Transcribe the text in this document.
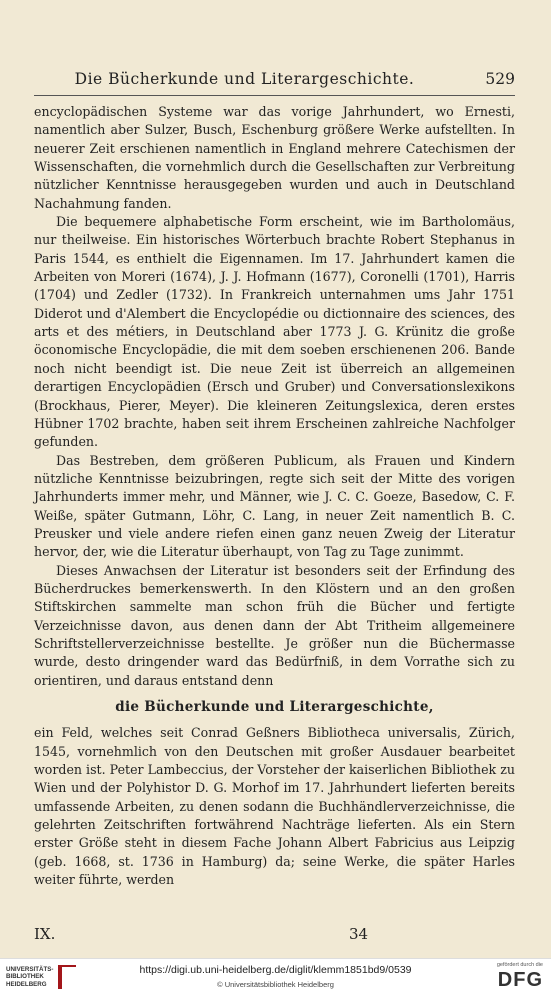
Die Bücherkunde und Literargeschichte.	529

encyclopädischen Systeme war das vorige Jahrhundert, wo Ernesti, namentlich aber Sulzer, Busch, Eschenburg größere Werke aufstellten. In neuerer Zeit erschienen namentlich in England mehrere Catechismen der Wissenschaften, die vornehmlich durch die Gesellschaften zur Verbreitung nützlicher Kenntnisse herausgegeben wurden und auch in Deutschland Nachahmung fanden.

Die bequemere alphabetische Form erscheint, wie im Bartholomäus, nur theilweise. Ein historisches Wörterbuch brachte Robert Stephanus in Paris 1544, es enthielt die Eigennamen. Im 17. Jahrhundert kamen die Arbeiten von Moreri (1674), J. J. Hofmann (1677), Coronelli (1701), Harris (1704) und Zedler (1732). In Frankreich unternahmen ums Jahr 1751 Diderot und d'Alembert die Encyclopédie ou dictionnaire des sciences, des arts et des métiers, in Deutschland aber 1773 J. G. Krünitz die große öconomische Encyclopädie, die mit dem soeben erschienenen 206. Bande noch nicht beendigt ist. Die neue Zeit ist überreich an allgemeinen derartigen Encyclopädien (Ersch und Gruber) und Conversationslexikons (Brockhaus, Pierer, Meyer). Die kleineren Zeitungslexica, deren erstes Hübner 1702 brachte, haben seit ihrem Erscheinen zahlreiche Nachfolger gefunden.

Das Bestreben, dem größeren Publicum, als Frauen und Kindern nützliche Kenntnisse beizubringen, regte sich seit der Mitte des vorigen Jahrhunderts immer mehr, und Männer, wie J. C. C. Goeze, Basedow, C. F. Weiße, später Gutmann, Löhr, C. Lang, in neuer Zeit namentlich B. C. Preusker und viele andere riefen einen ganz neuen Zweig der Literatur hervor, der, wie die Literatur überhaupt, von Tag zu Tage zunimmt.

Dieses Anwachsen der Literatur ist besonders seit der Erfindung des Bücherdruckes bemerkenswerth. In den Klöstern und an den großen Stiftskirchen sammelte man schon früh die Bücher und fertigte Verzeichnisse davon, aus denen dann der Abt Tritheim allgemeinere Schriftstellerverzeichnisse bestellte. Je größer nun die Büchermasse wurde, desto dringender ward das Bedürfniß, in dem Vorrathe sich zu orientiren, und daraus entstand denn

die Bücherkunde und Literargeschichte,

ein Feld, welches seit Conrad Geßners Bibliotheca universalis, Zürich, 1545, vornehmlich von den Deutschen mit großer Ausdauer bearbeitet worden ist. Peter Lambeccius, der Vorsteher der kaiserlichen Bibliothek zu Wien und der Polyhistor D. G. Morhof im 17. Jahrhundert lieferten bereits umfassende Arbeiten, zu denen sodann die Buchhändlerverzeichnisse, die gelehrten Zeitschriften fortwährend Nachträge lieferten. Als ein Stern erster Größe steht in diesem Fache Johann Albert Fabricius aus Leipzig (geb. 1668, st. 1736 in Hamburg) da; seine Werke, die später Harles weiter führte, werden

IX.	34
UNIVERSITÄTS-BIBLIOTHEK HEIDELBERG
https://digi.ub.uni-heidelberg.de/diglit/klemm1851bd9/0539
© Universitätsbibliothek Heidelberg
gefördert durch die
DFG
